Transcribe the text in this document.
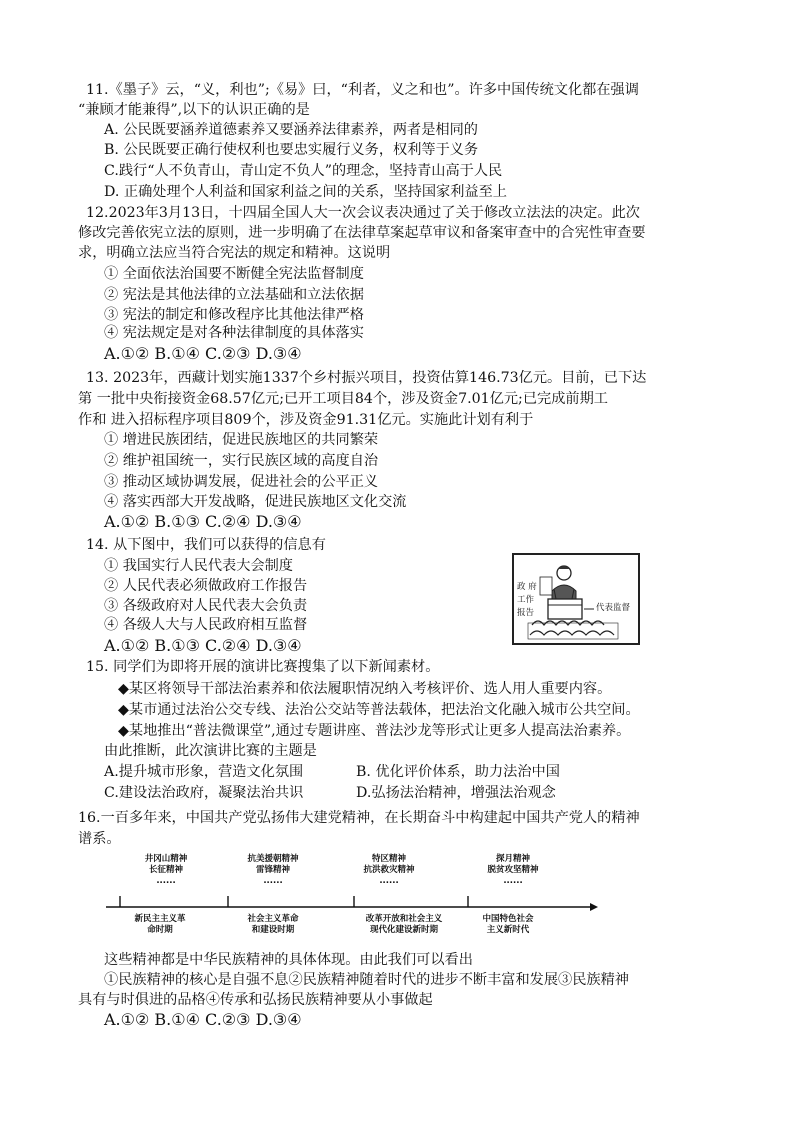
11.《墨子》云，“义，利也”;《易》曰，“利者，义之和也”。许多中国传统文化都在强调
“兼顾才能兼得”,以下的认识正确的是
A. 公民既要涵养道德素养又要涵养法律素养，两者是相同的
B. 公民既要正确行使权利也要忠实履行义务，权利等于义务
C.践行“人不负青山，青山定不负人”的理念，坚持青山高于人民
D. 正确处理个人利益和国家利益之间的关系，坚持国家利益至上
12.2023年3月13日，十四届全国人大一次会议表决通过了关于修改立法法的决定。此次
修改完善依宪立法的原则，进一步明确了在法律草案起草审议和备案审查中的合宪性审查要
求，明确立法应当符合宪法的规定和精神。这说明
① 全面依法治国要不断健全宪法监督制度
② 宪法是其他法律的立法基础和立法依据
③ 宪法的制定和修改程序比其他法律严格
④ 宪法规定是对各种法律制度的具体落实
A.①② B.①④ C.②③ D.③④
13. 2023年，西藏计划实施1337个乡村振兴项目，投资估算146.73亿元。目前，已下达
第 一批中央衔接资金68.57亿元;已开工项目84个，涉及资金7.01亿元;已完成前期工
作和 进入招标程序项目809个，涉及资金91.31亿元。实施此计划有利于
① 增进民族团结，促进民族地区的共同繁荣
② 维护祖国统一，实行民族区域的高度自治
③ 推动区域协调发展，促进社会的公平正义
④ 落实西部大开发战略，促进民族地区文化交流
A.①② B.①③ C.②④ D.③④
14. 从下图中，我们可以获得的信息有
① 我国实行人民代表大会制度
② 人民代表必须做政府工作报告
③ 各级政府对人民代表大会负责
④ 各级人大与人民政府相互监督
A.①② B.①③ C.②④ D.③④
政 府
工作
报告	代表监督
15. 同学们为即将开展的演讲比赛搜集了以下新闻素材。
◆某区将领导干部法治素养和依法履职情况纳入考核评价、选人用人重要内容。
◆某市通过法治公交专线、法治公交站等普法载体，把法治文化融入城市公共空间。
◆某地推出“普法微课堂”,通过专题讲座、普法沙龙等形式让更多人提高法治素养。
由此推断，此次演讲比赛的主题是
A.提升城市形象，营造文化氛围	B. 优化评价体系，助力法治中国
C.建设法治政府，凝聚法治共识	D.弘扬法治精神，增强法治观念
16.一百多年来，中国共产党弘扬伟大建党精神，在长期奋斗中构建起中国共产党人的精神
谱系。
井冈山精神
长征精神
......
抗美援朝精神
雷锋精神
......
特区精神
抗洪救灾精神
......
探月精神
脱贫攻坚精神
......
新民主主义革
命时期
社会主义革命
和建设时期
改革开放和社会主义
现代化建设新时期
中国特色社会
主义新时代
这些精神都是中华民族精神的具体体现。由此我们可以看出
①民族精神的核心是自强不息②民族精神随着时代的进步不断丰富和发展③民族精神
具有与时俱进的品格④传承和弘扬民族精神要从小事做起
A.①② B.①④ C.②③ D.③④
